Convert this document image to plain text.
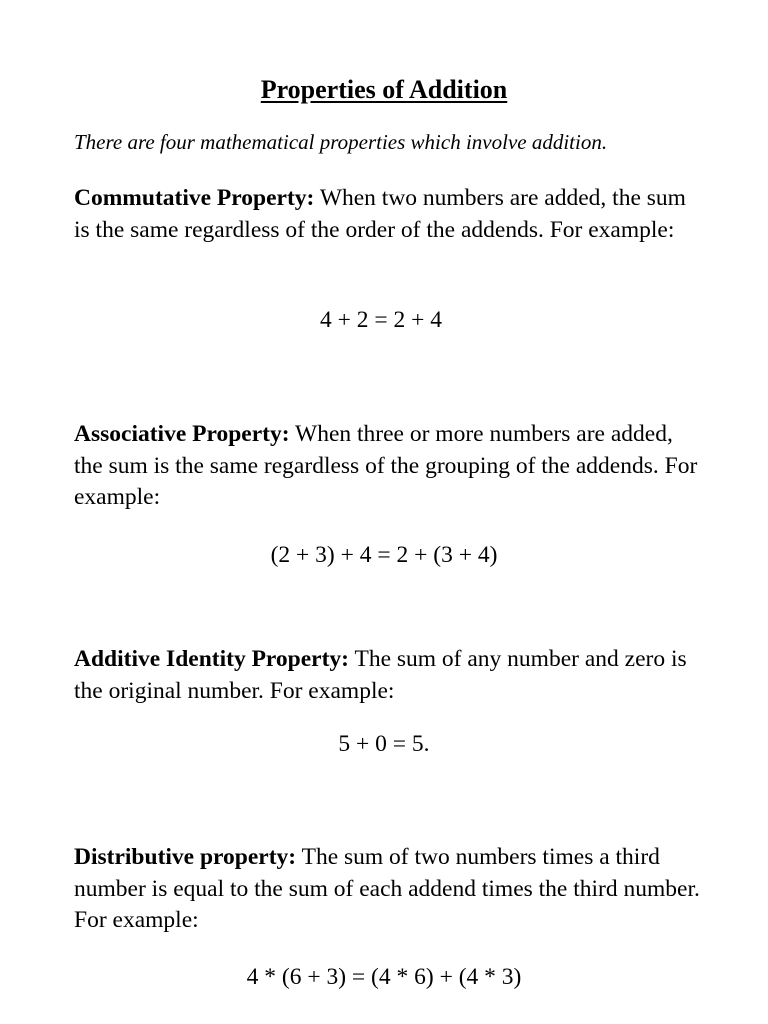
Properties of Addition
There are four mathematical properties which involve addition.
Commutative Property: When two numbers are added, the sum is the same regardless of the order of the addends. For example:
4 + 2 = 2 + 4
Associative Property: When three or more numbers are added, the sum is the same regardless of the grouping of the addends. For example:
(2 + 3) + 4 = 2 + (3 + 4)
Additive Identity Property: The sum of any number and zero is the original number. For example:
5 + 0 = 5.
Distributive property: The sum of two numbers times a third number is equal to the sum of each addend times the third number. For example:
4 * (6 + 3) = (4 * 6) + (4 * 3)
